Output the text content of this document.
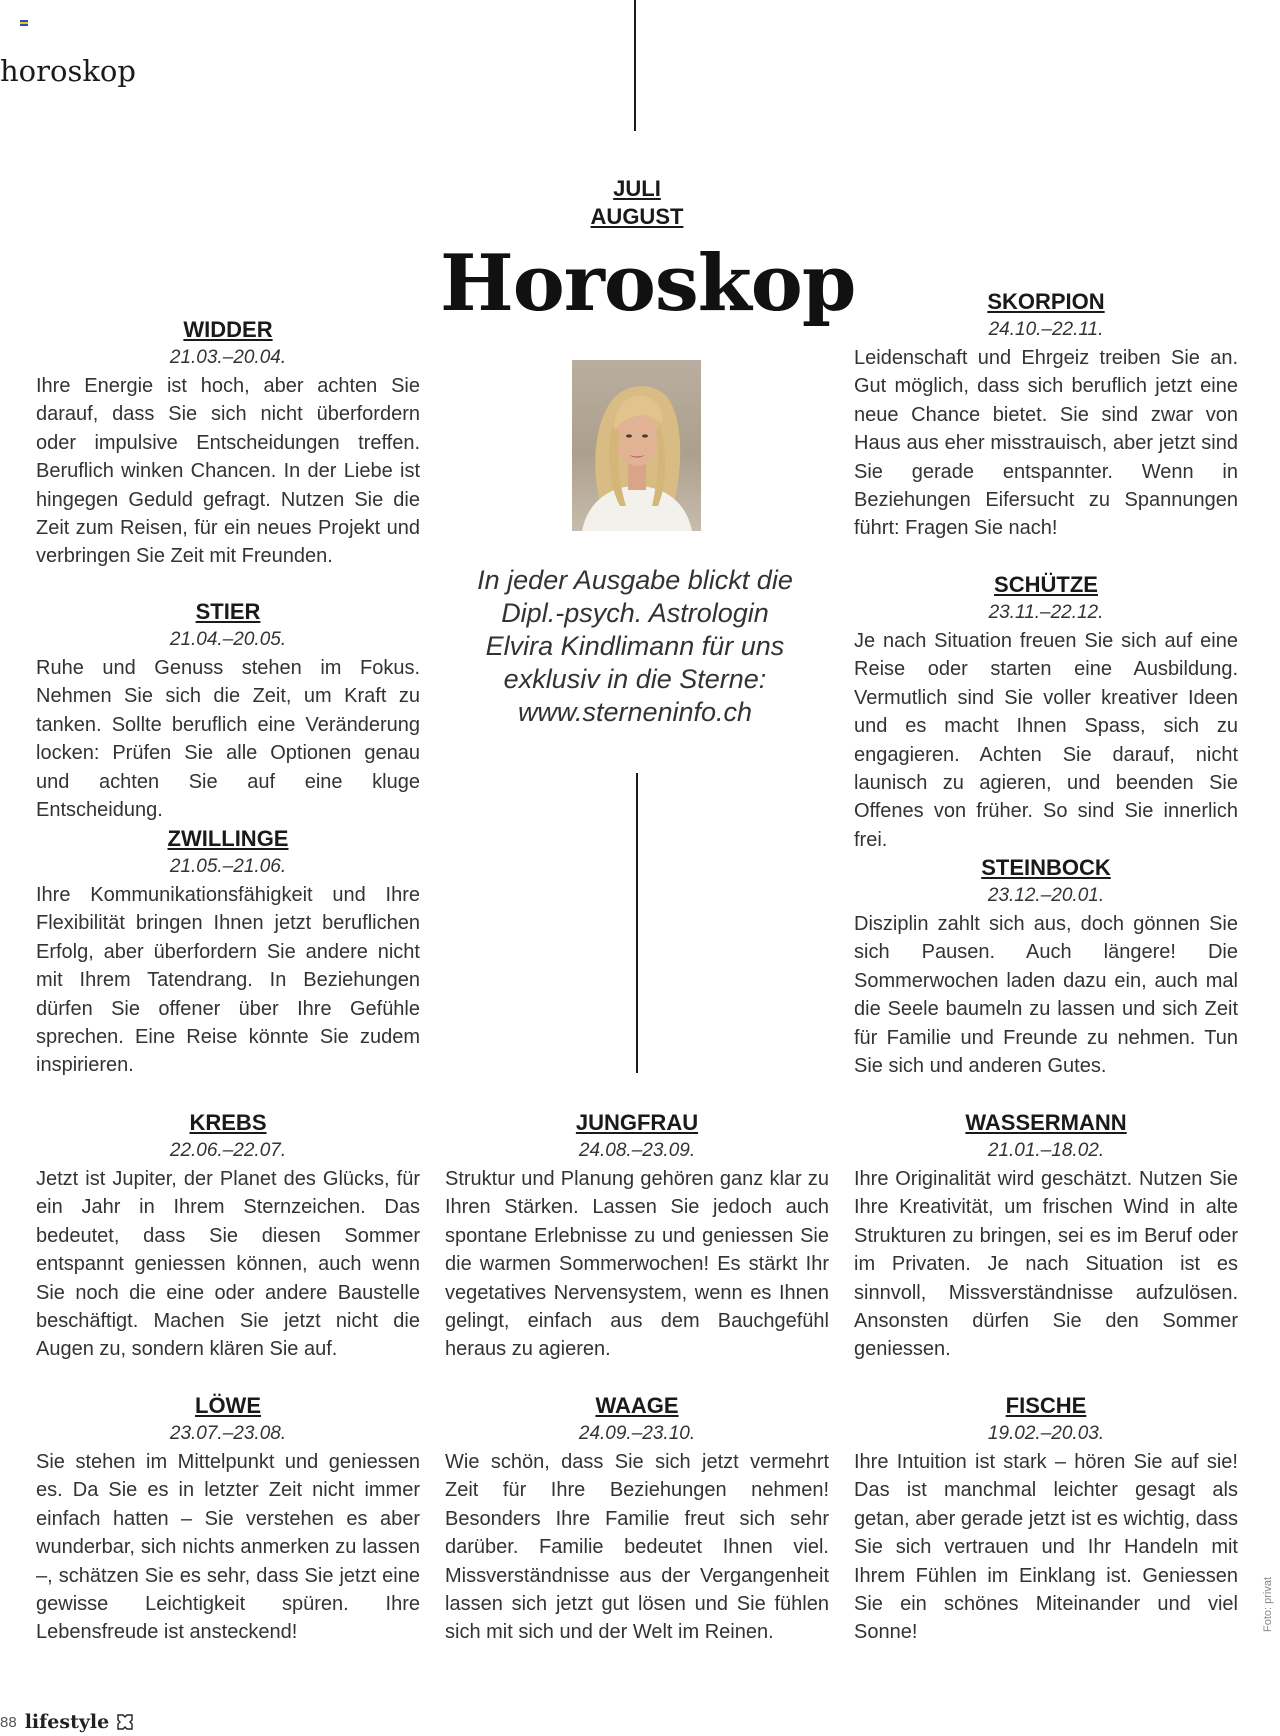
horoskop
JULI
AUGUST
Horoskop

In jeder Ausgabe blickt die

Dipl.-psych. Astrologin

Elvira Kindlimann für uns

exklusiv in die Sterne:

www.sterneninfo.ch

WIDDER
21.03.–20.04.

Ihre Energie ist hoch, aber achten Sie darauf, dass Sie sich nicht überfordern oder impulsive Entscheidungen treffen. Beruflich winken Chancen. In der Liebe ist hingegen Geduld gefragt. Nutzen Sie die Zeit zum Reisen, für ein neues Projekt und verbringen Sie Zeit mit Freunden.

STIER
21.04.–20.05.

Ruhe und Genuss stehen im Fokus. Nehmen Sie sich die Zeit, um Kraft zu tanken. Sollte beruflich eine Veränderung locken: Prüfen Sie alle Optionen genau und achten Sie auf eine kluge Entscheidung.

ZWILLINGE
21.05.–21.06.

Ihre Kommunikationsfähigkeit und Ihre Flexibilität bringen Ihnen jetzt beruflichen Erfolg, aber überfordern Sie andere nicht mit Ihrem Tatendrang. In Beziehungen dürfen Sie offener über Ihre Gefühle sprechen. Eine Reise könnte Sie zudem inspirieren.

KREBS
22.06.–22.07.

Jetzt ist Jupiter, der Planet des Glücks, für ein Jahr in Ihrem Sternzeichen. Das bedeutet, dass Sie diesen Sommer entspannt geniessen können, auch wenn Sie noch die eine oder andere Baustelle beschäftigt. Machen Sie jetzt nicht die Augen zu, sondern klären Sie auf.

LÖWE
23.07.–23.08.

Sie stehen im Mittelpunkt und geniessen es. Da Sie es in letzter Zeit nicht immer einfach hatten – Sie verstehen es aber wunderbar, sich nichts anmerken zu lassen –, schätzen Sie es sehr, dass Sie jetzt eine gewisse Leichtigkeit spüren. Ihre Lebensfreude ist ansteckend!

JUNGFRAU
24.08.–23.09.

Struktur und Planung gehören ganz klar zu Ihren Stärken. Lassen Sie jedoch auch spontane Erlebnisse zu und geniessen Sie die warmen Sommerwochen! Es stärkt Ihr vegetatives Nervensystem, wenn es Ihnen gelingt, einfach aus dem Bauchgefühl heraus zu agieren.

WAAGE
24.09.–23.10.

Wie schön, dass Sie sich jetzt vermehrt Zeit für Ihre Beziehungen nehmen! Besonders Ihre Familie freut sich sehr darüber. Familie bedeutet Ihnen viel. Missverständnisse aus der Vergangenheit lassen sich jetzt gut lösen und Sie fühlen sich mit sich und der Welt im Reinen.

SKORPION
24.10.–22.11.

Leidenschaft und Ehrgeiz treiben Sie an. Gut möglich, dass sich beruflich jetzt eine neue Chance bietet. Sie sind zwar von Haus aus eher misstrauisch, aber jetzt sind Sie gerade entspannter. Wenn in Beziehungen Eifersucht zu Spannungen führt: Fragen Sie nach!

SCHÜTZE
23.11.–22.12.

Je nach Situation freuen Sie sich auf eine Reise oder starten eine Ausbildung. Vermutlich sind Sie voller kreativer Ideen und es macht Ihnen Spass, sich zu engagieren. Achten Sie darauf, nicht launisch zu agieren, und beenden Sie Offenes von früher. So sind Sie innerlich frei.

STEINBOCK
23.12.–20.01.

Disziplin zahlt sich aus, doch gönnen Sie sich Pausen. Auch längere! Die Sommerwochen laden dazu ein, auch mal die Seele baumeln zu lassen und sich Zeit für Familie und Freunde zu nehmen. Tun Sie sich und anderen Gutes.

WASSERMANN
21.01.–18.02.

Ihre Originalität wird geschätzt. Nutzen Sie Ihre Kreativität, um frischen Wind in alte Strukturen zu bringen, sei es im Beruf oder im Privaten. Je nach Situation ist es sinnvoll, Missverständnisse aufzulösen. Ansonsten dürfen Sie den Sommer geniessen.

FISCHE
19.02.–20.03.

Ihre Intuition ist stark – hören Sie auf sie! Das ist manchmal leichter gesagt als getan, aber gerade jetzt ist es wichtig, dass Sie sich vertrauen und Ihr Handeln mit Ihrem Fühlen im Einklang ist. Geniessen Sie ein schönes Miteinander und viel Sonne!

Foto: privat
88 lifestyle
